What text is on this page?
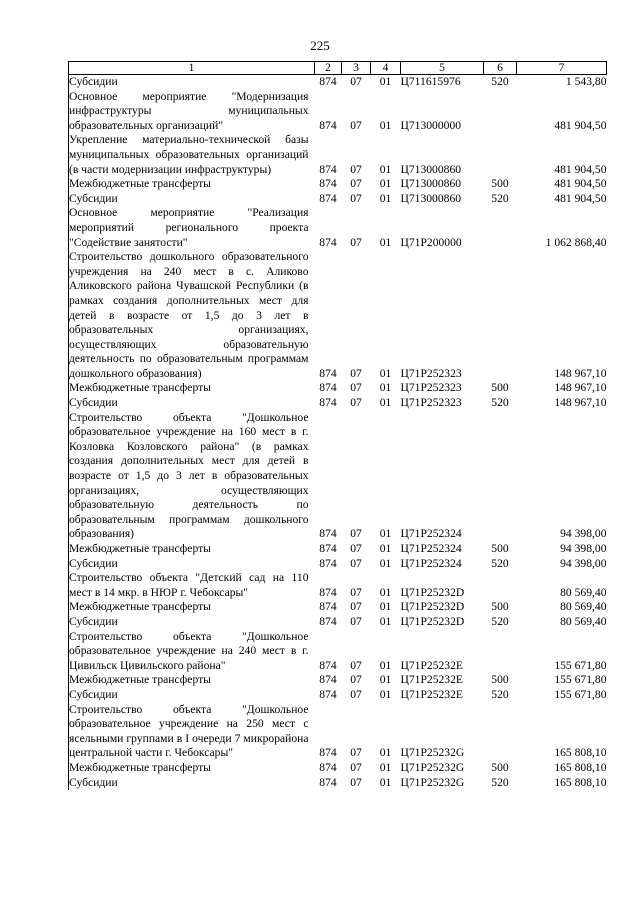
225
1	2	3	4	5	6	7
Субсидии	874	07	01	Ц711615976	520	1 543,80
Основное мероприятие "Модернизация инфраструктуры муниципальных образовательных организаций"	874	07	01	Ц713000000		481 904,50
Укрепление материально-технической базы муниципальных образовательных организаций (в части модернизации инфраструктуры)	874	07	01	Ц713000860		481 904,50
Межбюджетные трансферты	874	07	01	Ц713000860	500	481 904,50
Субсидии	874	07	01	Ц713000860	520	481 904,50
Основное мероприятие "Реализация мероприятий регионального проекта "Содействие занятости"	874	07	01	Ц71Р200000		1 062 868,40
Строительство дошкольного образовательного учреждения на 240 мест в с. Аликово Аликовского района Чувашской Республики (в рамках создания дополнительных мест для детей в возрасте от 1,5 до 3 лет в образовательных организациях, осуществляющих образовательную деятельность по образовательным программам дошкольного образования)	874	07	01	Ц71Р252323		148 967,10
Межбюджетные трансферты	874	07	01	Ц71Р252323	500	148 967,10
Субсидии	874	07	01	Ц71Р252323	520	148 967,10
Строительство объекта "Дошкольное образовательное учреждение на 160 мест в г. Козловка Козловского района" (в рамках создания дополнительных мест для детей в возрасте от 1,5 до 3 лет в образовательных организациях, осуществляющих образовательную деятельность по образовательным программам дошкольного образования)	874	07	01	Ц71Р252324		94 398,00
Межбюджетные трансферты	874	07	01	Ц71Р252324	500	94 398,00
Субсидии	874	07	01	Ц71Р252324	520	94 398,00
Строительство объекта "Детский сад на 110 мест в 14 мкр. в НЮР г. Чебоксары"	874	07	01	Ц71Р25232D		80 569,40
Межбюджетные трансферты	874	07	01	Ц71Р25232D	500	80 569,40
Субсидии	874	07	01	Ц71Р25232D	520	80 569,40
Строительство объекта "Дошкольное образовательное учреждение на 240 мест в г. Цивильск Цивильского района"	874	07	01	Ц71Р25232Е		155 671,80
Межбюджетные трансферты	874	07	01	Ц71Р25232Е	500	155 671,80
Субсидии	874	07	01	Ц71Р25232Е	520	155 671,80
Строительство объекта "Дошкольное образовательное учреждение на 250 мест с ясельными группами в I очереди 7 микрорайона центральной части г. Чебоксары"	874	07	01	Ц71Р25232G		165 808,10
Межбюджетные трансферты	874	07	01	Ц71Р25232G	500	165 808,10
Субсидии	874	07	01	Ц71Р25232G	520	165 808,10
